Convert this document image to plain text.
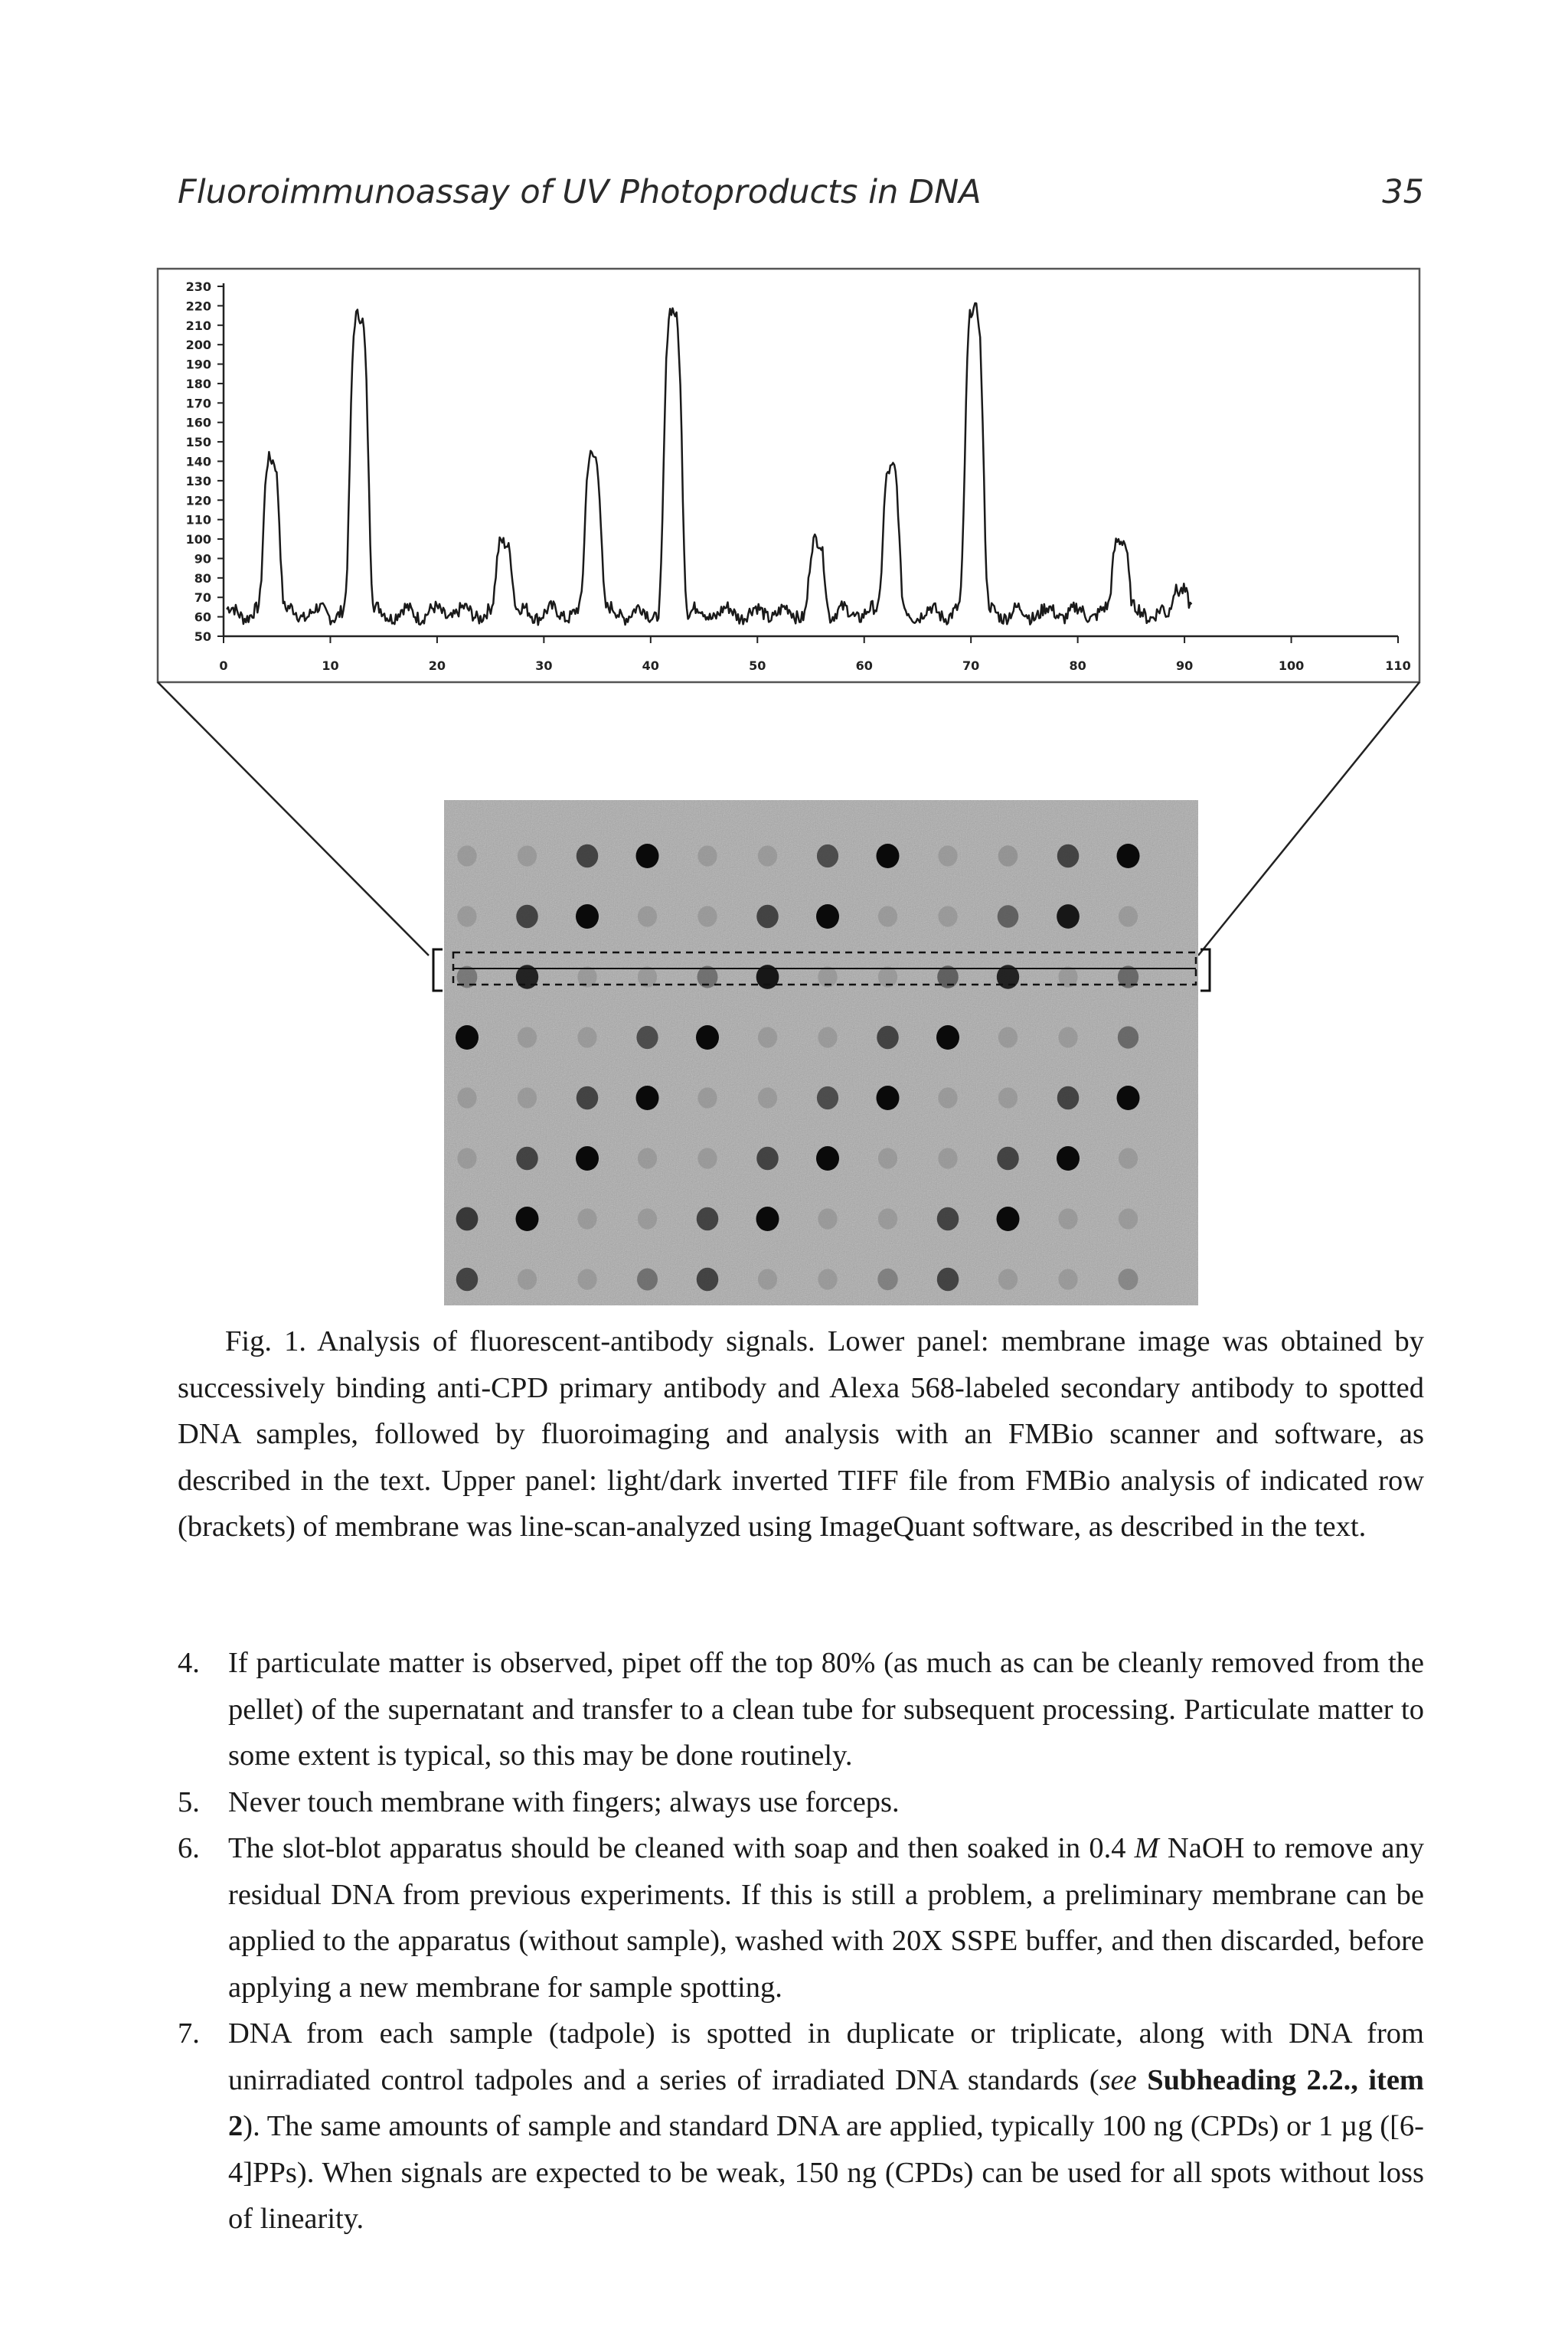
Fluoroimmunoassay of UV Photoproducts in DNA	35
50
60
70
80
90
100
110
120
130
140
150
160
170
180
190
200
210
220
230
0	10	20	30	40	50	60	70	80	90	100	110
Fig. 1. Analysis of fluorescent-antibody signals. Lower panel: membrane image was obtained by successively binding anti-CPD primary antibody and Alexa 568-labeled secondary antibody to spotted DNA samples, followed by fluoroimaging and analysis with an FMBio scanner and software, as described in the text. Upper panel: light/dark inverted TIFF file from FMBio analysis of indicated row (brackets) of membrane was line-scan-analyzed using ImageQuant software, as described in the text.
4. If particulate matter is observed, pipet off the top 80% (as much as can be cleanly removed from the pellet) of the supernatant and transfer to a clean tube for subsequent processing. Particulate matter to some extent is typical, so this may be done routinely.
5. Never touch membrane with fingers; always use forceps.
6. The slot-blot apparatus should be cleaned with soap and then soaked in 0.4 M NaOH to remove any residual DNA from previous experiments. If this is still a problem, a preliminary membrane can be applied to the apparatus (without sample), washed with 20X SSPE buffer, and then discarded, before applying a new membrane for sample spotting.
7. DNA from each sample (tadpole) is spotted in duplicate or triplicate, along with DNA from unirradiated control tadpoles and a series of irradiated DNA standards (see Subheading 2.2., item 2). The same amounts of sample and standard DNA are applied, typically 100 ng (CPDs) or 1 µg ([6-4]PPs). When signals are expected to be weak, 150 ng (CPDs) can be used for all spots without loss of linearity.
